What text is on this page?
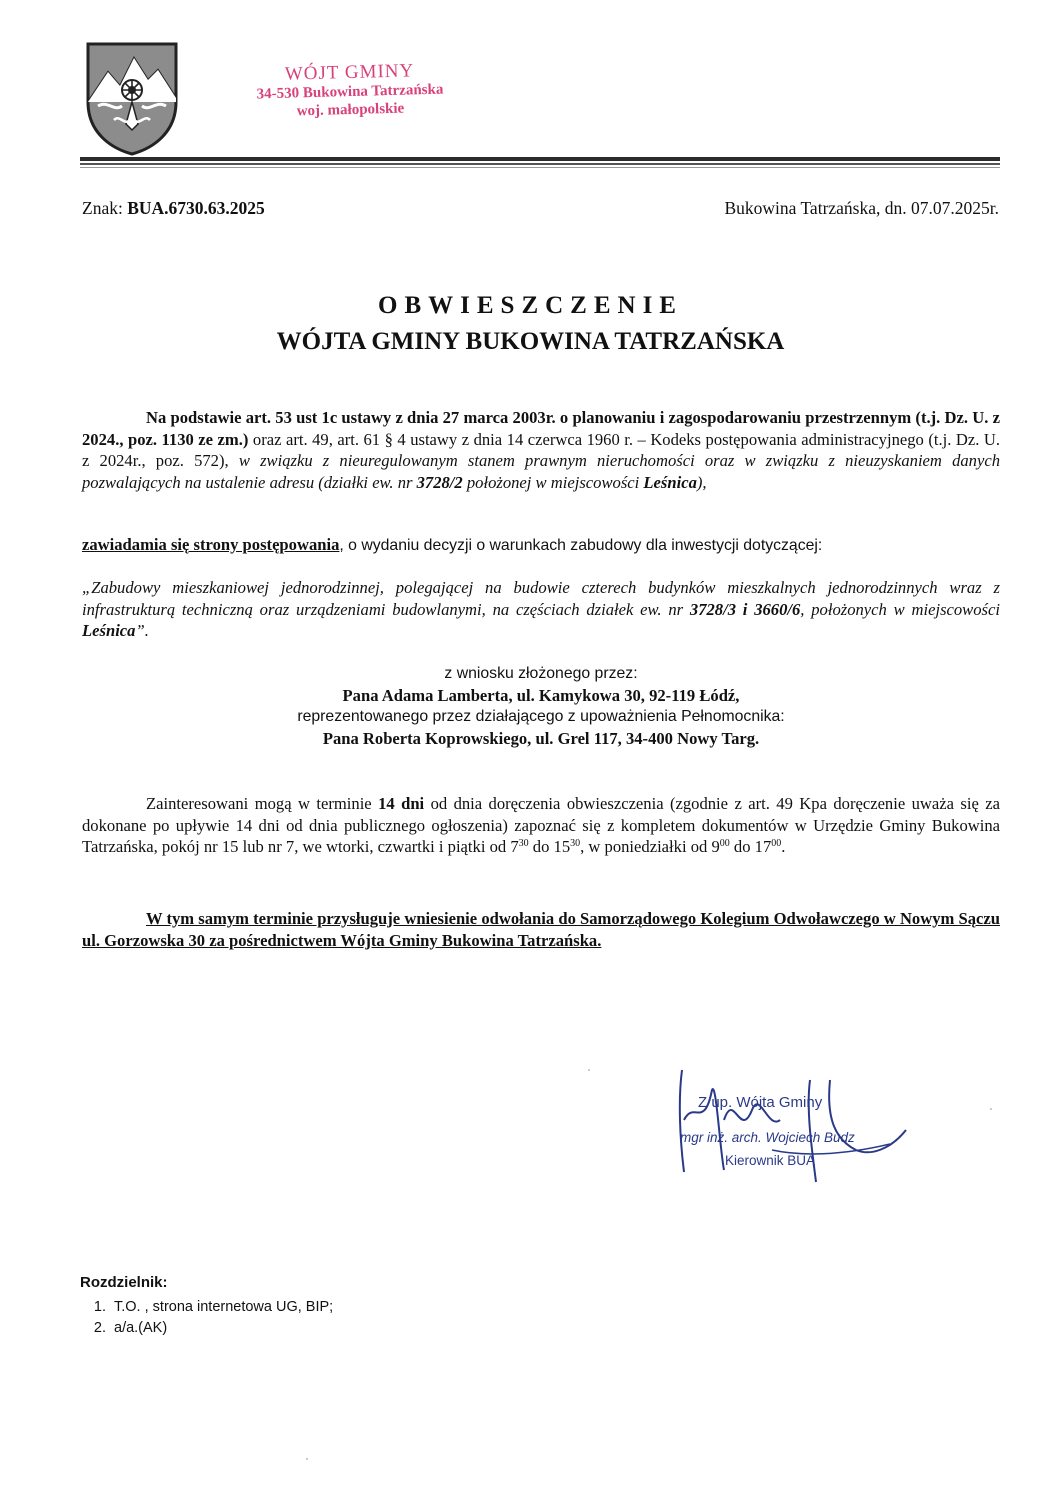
WÓJT GMINY
34-530 Bukowina Tatrzańska
woj. małopolskie
Znak: BUA.6730.63.2025	Bukowina Tatrzańska, dn. 07.07.2025r.
OBWIESZCZENIE
WÓJTA GMINY BUKOWINA TATRZAŃSKA
Na podstawie art. 53 ust 1c ustawy z dnia 27 marca 2003r. o planowaniu i zagospodarowaniu przestrzennym (t.j. Dz. U. z 2024., poz. 1130 ze zm.) oraz art. 49, art. 61 § 4 ustawy z dnia 14 czerwca 1960 r. – Kodeks postępowania administracyjnego (t.j. Dz. U. z 2024r., poz. 572), w związku z nieuregulowanym stanem prawnym nieruchomości oraz w związku z nieuzyskaniem danych pozwalających na ustalenie adresu (działki ew. nr 3728/2 położonej w miejscowości Leśnica),
zawiadamia się strony postępowania, o wydaniu decyzji o warunkach zabudowy dla inwestycji dotyczącej:
„Zabudowy mieszkaniowej jednorodzinnej, polegającej na budowie czterech budynków mieszkalnych jednorodzinnych wraz z infrastrukturą techniczną oraz urządzeniami budowlanymi, na częściach działek ew. nr 3728/3 i 3660/6, położonych w miejscowości Leśnica”.
z wniosku złożonego przez:
Pana Adama Lamberta, ul. Kamykowa 30, 92-119 Łódź,
reprezentowanego przez działającego z upoważnienia Pełnomocnika:
Pana Roberta Koprowskiego, ul. Grel 117, 34-400 Nowy Targ.
Zainteresowani mogą w terminie 14 dni od dnia doręczenia obwieszczenia (zgodnie z art. 49 Kpa doręczenie uważa się za dokonane po upływie 14 dni od dnia publicznego ogłoszenia) zapoznać się z kompletem dokumentów w Urzędzie Gminy Bukowina Tatrzańska, pokój nr 15 lub nr 7, we wtorki, czwartki i piątki od $7^{30}$ do $15^{30}$, w poniedziałki od $9^{00}$ do $17^{00}$.
W tym samym terminie przysługuje wniesienie odwołania do Samorządowego Kolegium Odwoławczego w Nowym Sączu ul. Gorzowska 30 za pośrednictwem Wójta Gminy Bukowina Tatrzańska.
Z up. Wójta Gminy
mgr inż. arch. Wojciech Budz
Kierownik BUA
Rozdzielnik:
1. T.O. , strona internetowa UG, BIP;
2. a/a.(AK)
